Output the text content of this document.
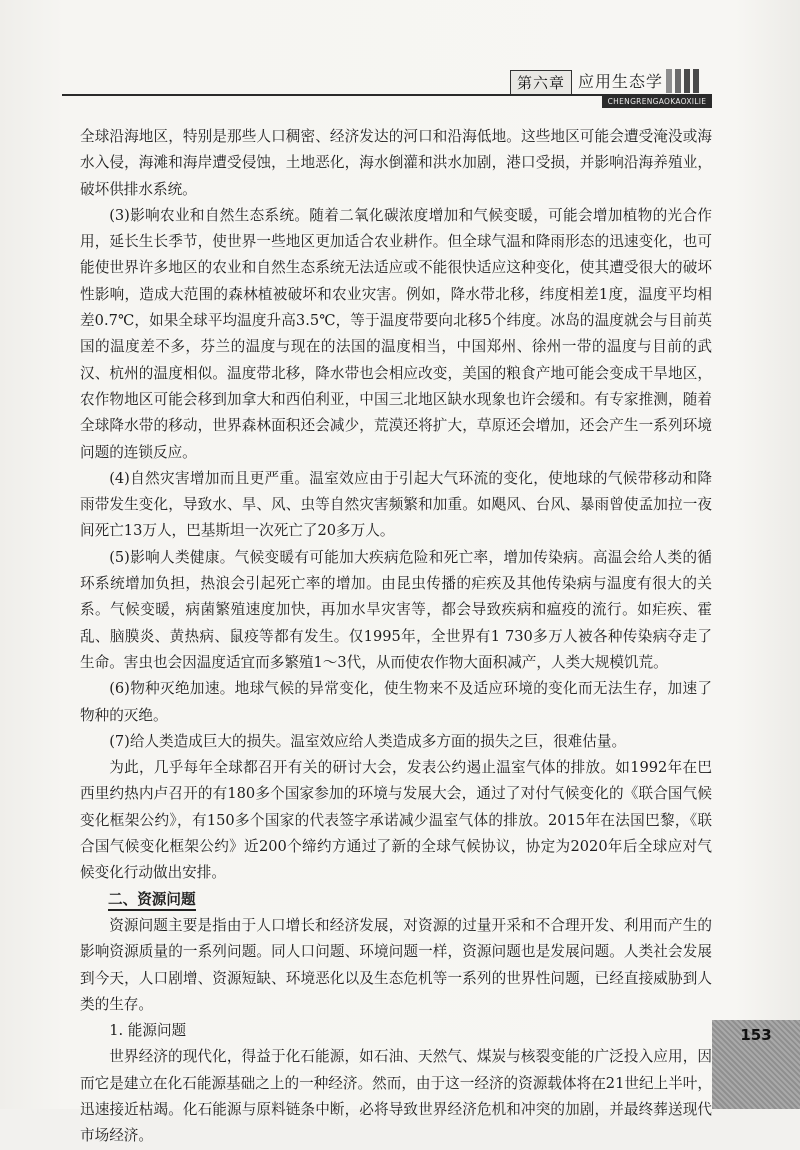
第六章 应用生态学
CHENGRENGAOKAOXILIE

全球沿海地区，特别是那些人口稠密、经济发达的河口和沿海低地。这些地区可能会遭受淹没或海水入侵，海滩和海岸遭受侵蚀，土地恶化，海水倒灌和洪水加剧，港口受损，并影响沿海养殖业，破坏供排水系统。

(3)影响农业和自然生态系统。随着二氧化碳浓度增加和气候变暖，可能会增加植物的光合作用，延长生长季节，使世界一些地区更加适合农业耕作。但全球气温和降雨形态的迅速变化，也可能使世界许多地区的农业和自然生态系统无法适应或不能很快适应这种变化，使其遭受很大的破坏性影响，造成大范围的森林植被破坏和农业灾害。例如，降水带北移，纬度相差1度，温度平均相差0.7℃，如果全球平均温度升高3.5℃，等于温度带要向北移5个纬度。冰岛的温度就会与目前英国的温度差不多，芬兰的温度与现在的法国的温度相当，中国郑州、徐州一带的温度与目前的武汉、杭州的温度相似。温度带北移，降水带也会相应改变，美国的粮食产地可能会变成干旱地区，农作物地区可能会移到加拿大和西伯利亚，中国三北地区缺水现象也许会缓和。有专家推测，随着全球降水带的移动，世界森林面积还会减少，荒漠还将扩大，草原还会增加，还会产生一系列环境问题的连锁反应。

(4)自然灾害增加而且更严重。温室效应由于引起大气环流的变化，使地球的气候带移动和降雨带发生变化，导致水、旱、风、虫等自然灾害频繁和加重。如飓风、台风、暴雨曾使孟加拉一夜间死亡13万人，巴基斯坦一次死亡了20多万人。

(5)影响人类健康。气候变暖有可能加大疾病危险和死亡率，增加传染病。高温会给人类的循环系统增加负担，热浪会引起死亡率的增加。由昆虫传播的疟疾及其他传染病与温度有很大的关系。气候变暖，病菌繁殖速度加快，再加水旱灾害等，都会导致疾病和瘟疫的流行。如疟疾、霍乱、脑膜炎、黄热病、鼠疫等都有发生。仅1995年，全世界有1 730多万人被各种传染病夺走了生命。害虫也会因温度适宜而多繁殖1～3代，从而使农作物大面积减产，人类大规模饥荒。

(6)物种灭绝加速。地球气候的异常变化，使生物来不及适应环境的变化而无法生存，加速了物种的灭绝。

(7)给人类造成巨大的损失。温室效应给人类造成多方面的损失之巨，很难估量。

为此，几乎每年全球都召开有关的研讨大会，发表公约遏止温室气体的排放。如1992年在巴西里约热内卢召开的有180多个国家参加的环境与发展大会，通过了对付气候变化的《联合国气候变化框架公约》，有150多个国家的代表签字承诺减少温室气体的排放。2015年在法国巴黎，《联合国气候变化框架公约》近200个缔约方通过了新的全球气候协议，协定为2020年后全球应对气候变化行动做出安排。

二、资源问题

资源问题主要是指由于人口增长和经济发展，对资源的过量开采和不合理开发、利用而产生的影响资源质量的一系列问题。同人口问题、环境问题一样，资源问题也是发展问题。人类社会发展到今天，人口剧增、资源短缺、环境恶化以及生态危机等一系列的世界性问题，已经直接威胁到人类的生存。

1. 能源问题

世界经济的现代化，得益于化石能源，如石油、天然气、煤炭与核裂变能的广泛投入应用，因而它是建立在化石能源基础之上的一种经济。然而，由于这一经济的资源载体将在21世纪上半叶，迅速接近枯竭。化石能源与原料链条中断，必将导致世界经济危机和冲突的加剧，并最终葬送现代市场经济。

153
